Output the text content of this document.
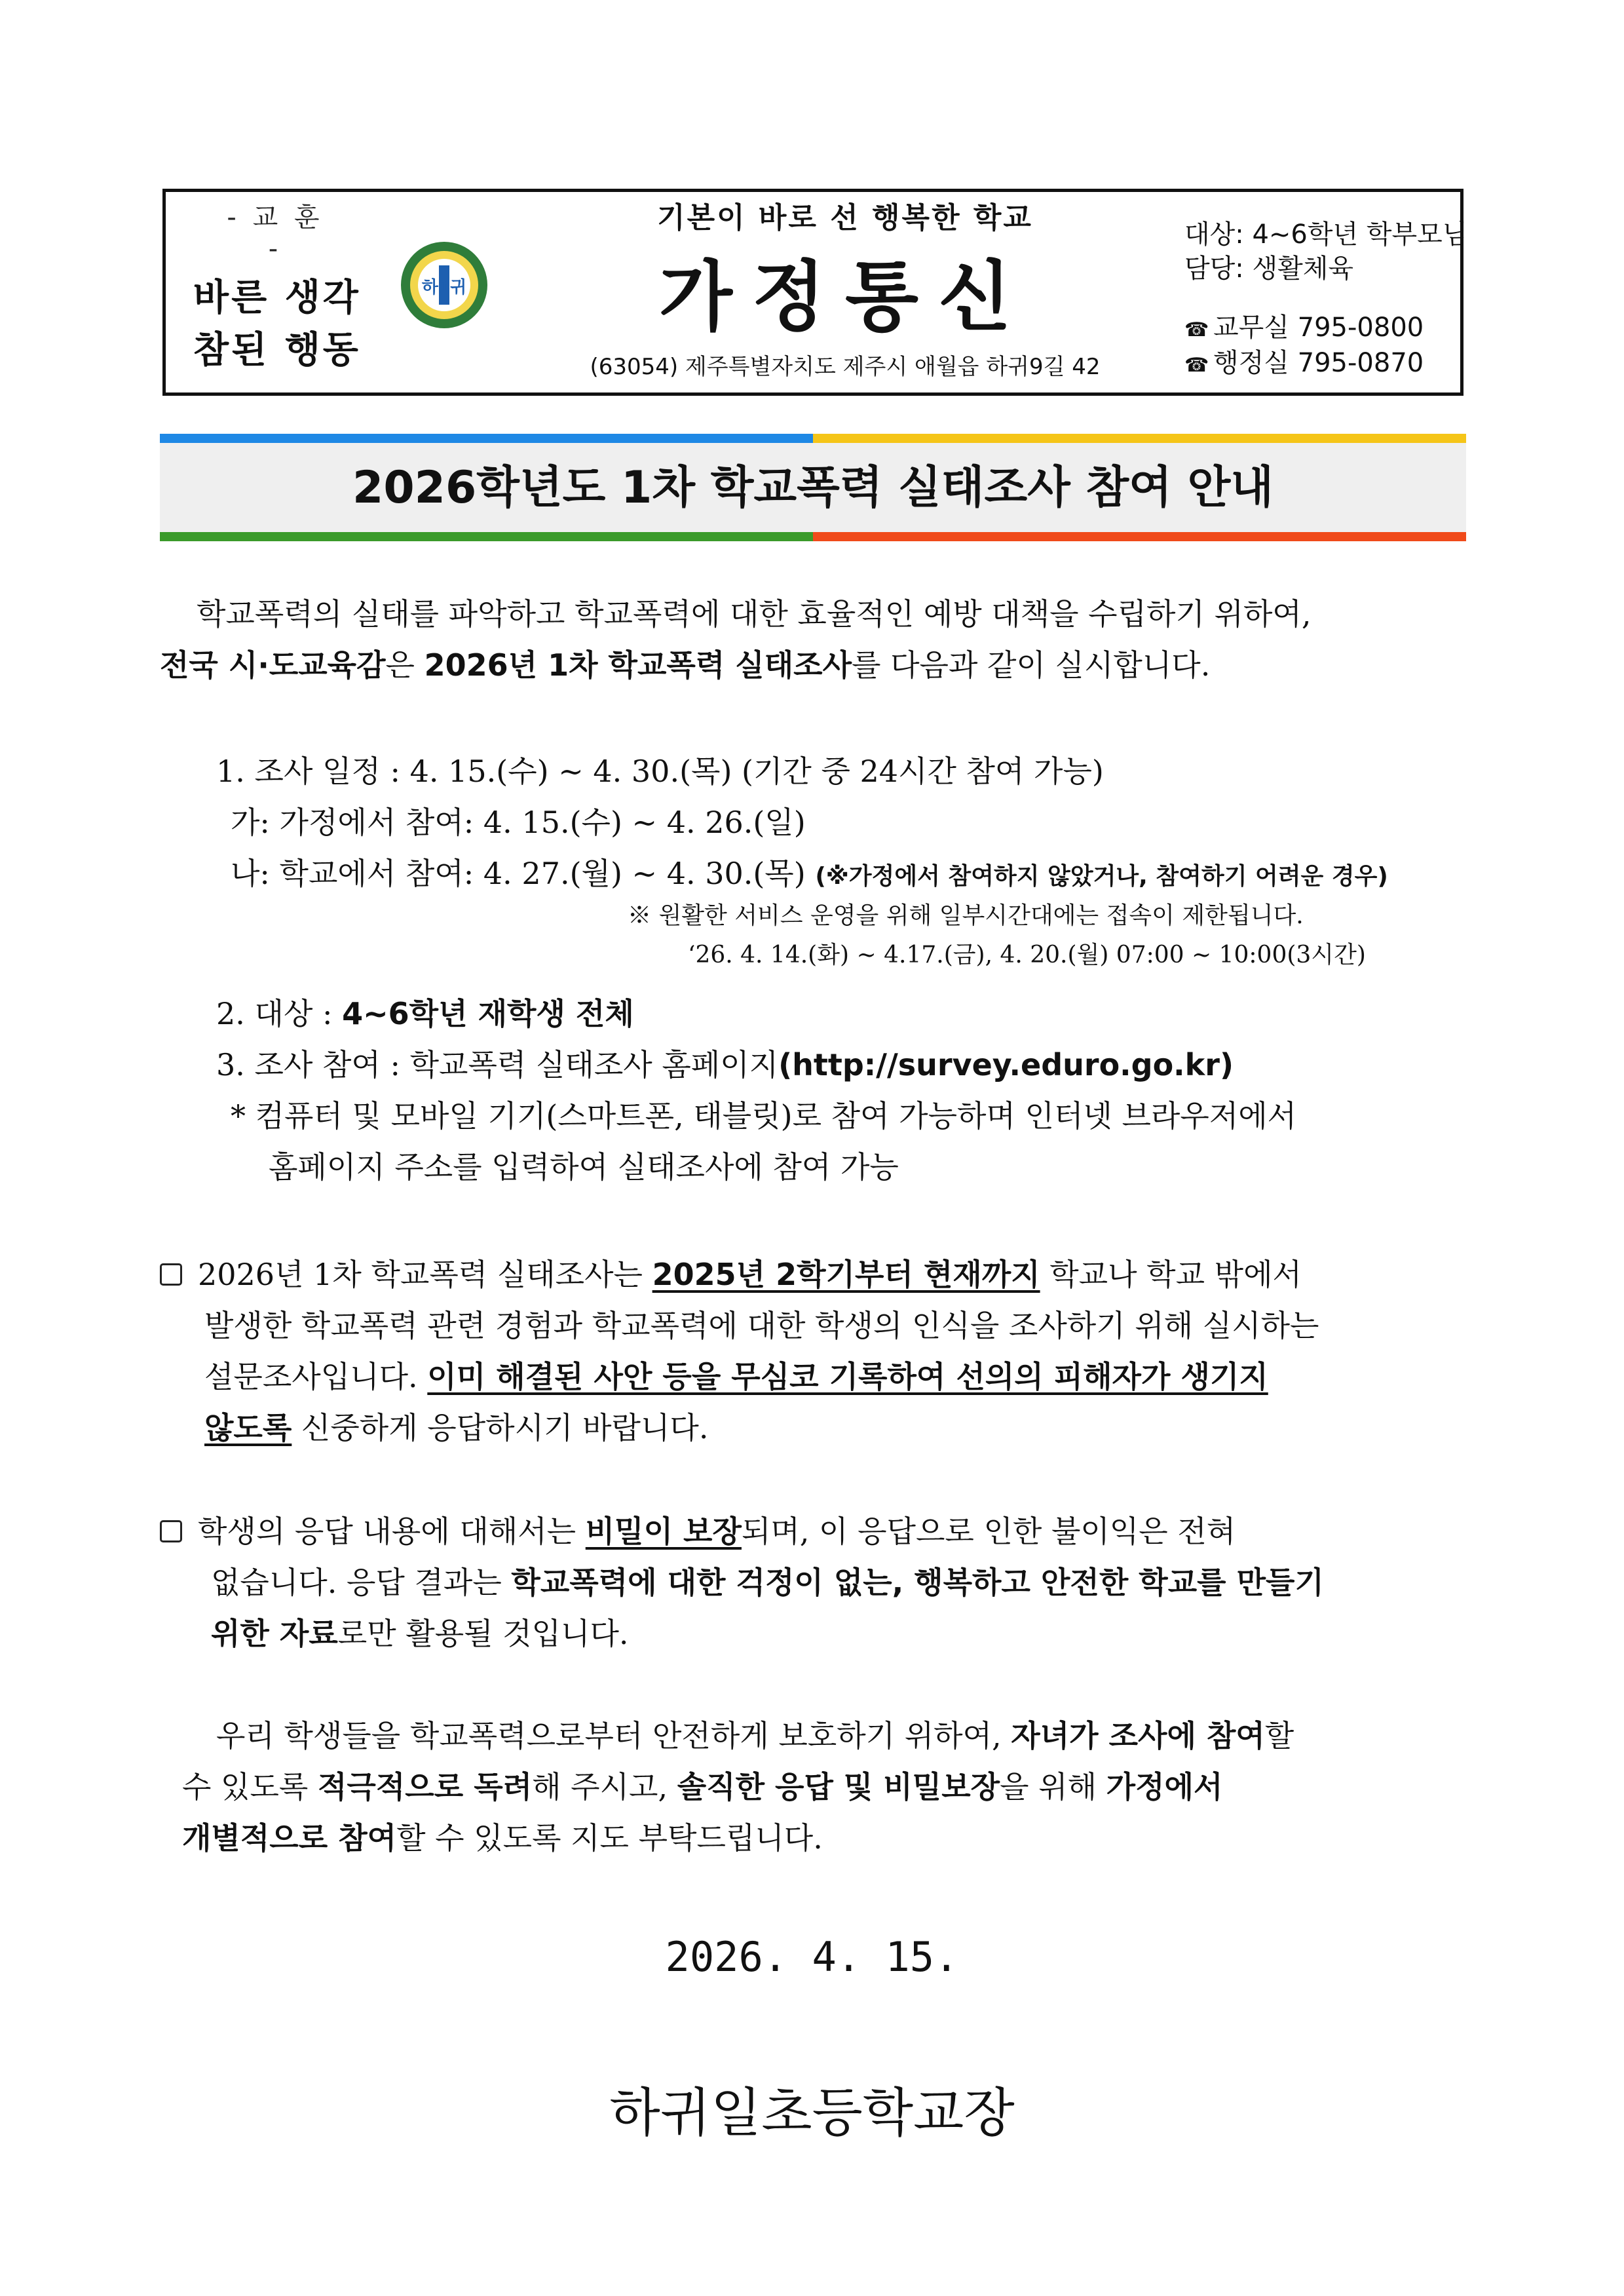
- 교 훈 -
바른 생각
참된 행동
하1귀
기본이 바로 선 행복한 학교
가정통신
(63054) 제주특별자치도 제주시 애월읍 하귀9길 42
대상: 4~6학년 학부모님
담당: 생활체육
☎ 교무실 795-0800
☎ 행정실 795-0870
2026학년도 1차 학교폭력 실태조사 참여 안내
학교폭력의 실태를 파악하고 학교폭력에 대한 효율적인 예방 대책을 수립하기 위하여,
전국 시·도교육감은 2026년 1차 학교폭력 실태조사를 다음과 같이 실시합니다.
1. 조사 일정 : 4. 15.(수) ~ 4. 30.(목) (기간 중 24시간 참여 가능)
가: 가정에서 참여: 4. 15.(수) ~ 4. 26.(일)
나: 학교에서 참여: 4. 27.(월) ~ 4. 30.(목) (※가정에서 참여하지 않았거나, 참여하기 어려운 경우)
※ 원활한 서비스 운영을 위해 일부시간대에는 접속이 제한됩니다.
‘26. 4. 14.(화) ~ 4.17.(금), 4. 20.(월) 07:00 ~ 10:00(3시간)
2. 대상 : 4~6학년 재학생 전체
3. 조사 참여 : 학교폭력 실태조사 홈페이지(http://survey.eduro.go.kr)
* 컴퓨터 및 모바일 기기(스마트폰, 태블릿)로 참여 가능하며 인터넷 브라우저에서
홈페이지 주소를 입력하여 실태조사에 참여 가능
2026년 1차 학교폭력 실태조사는 2025년 2학기부터 현재까지 학교나 학교 밖에서
발생한 학교폭력 관련 경험과 학교폭력에 대한 학생의 인식을 조사하기 위해 실시하는
설문조사입니다. 이미 해결된 사안 등을 무심코 기록하여 선의의 피해자가 생기지
않도록 신중하게 응답하시기 바랍니다.
학생의 응답 내용에 대해서는 비밀이 보장되며, 이 응답으로 인한 불이익은 전혀
없습니다. 응답 결과는 학교폭력에 대한 걱정이 없는, 행복하고 안전한 학교를 만들기
위한 자료로만 활용될 것입니다.
우리 학생들을 학교폭력으로부터 안전하게 보호하기 위하여, 자녀가 조사에 참여할
수 있도록 적극적으로 독려해 주시고, 솔직한 응답 및 비밀보장을 위해 가정에서
개별적으로 참여할 수 있도록 지도 부탁드립니다.
2026. 4. 15.
하귀일초등학교장
